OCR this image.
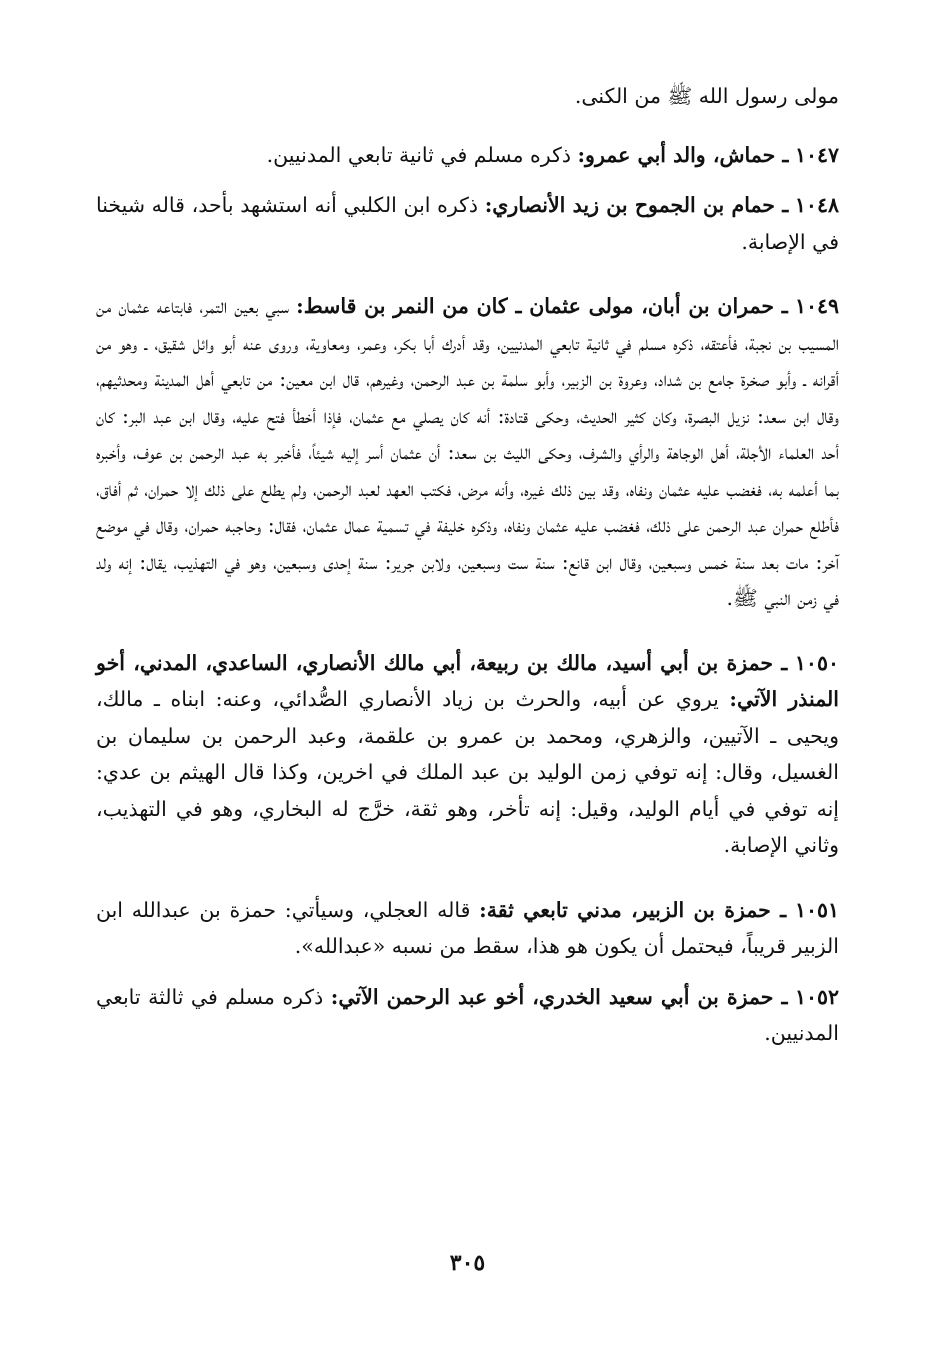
مولى رسول الله ﷺ من الكنى.

١٠٤٧ ـ حماش، والد أبي عمرو: ذكره مسلم في ثانية تابعي المدنيين.

١٠٤٨ ـ حمام بن الجموح بن زيد الأنصاري: ذكره ابن الكلبي أنه استشهد بأحد، قاله شيخنا في الإصابة.

١٠٤٩ ـ حمران بن أبان، مولى عثمان ـ كان من النمر بن قاسط: سبي بعين التمر، فابتاعه عثمان من المسيب بن نجبة، فأعتقه، ذكره مسلم في ثانية تابعي المدنيين، وقد أدرك أبا بكر، وعمر، ومعاوية، وروى عنه أبو وائل شقيق، ـ وهو من أقرانه ـ وأبو صخرة جامع بن شداد، وعروة بن الزبير، وأبو سلمة بن عبد الرحمن، وغيرهم، قال ابن معين: من تابعي أهل المدينة ومحدثيهم، وقال ابن سعد: نزيل البصرة، وكان كثير الحديث، وحكى قتادة: أنه كان يصلي مع عثمان، فإذا أخطأ فتح عليه، وقال ابن عبد البر: كان أحد العلماء الأجلة، أهل الوجاهة والرأي والشرف، وحكى الليث بن سعد: أن عثمان أسر إليه شيئاً، فأخبر به عبد الرحمن بن عوف، وأخبره بما أعلمه به، فغضب عليه عثمان ونفاه، وقد بين ذلك غيره، وأنه مرض، فكتب العهد لعبد الرحمن، ولم يطلع على ذلك إلا حمران، ثم أفاق، فأطلع حمران عبد الرحمن على ذلك، فغضب عليه عثمان ونفاه، وذكره خليفة في تسمية عمال عثمان، فقال: وحاجبه حمران، وقال في موضع آخر: مات بعد سنة خمس وسبعين، وقال ابن قانع: سنة ست وسبعين، ولابن جرير: سنة إحدى وسبعين، وهو في التهذيب، يقال: إنه ولد في زمن النبي ﷺ.

١٠٥٠ ـ حمزة بن أبي أسيد، مالك بن ربيعة، أبي مالك الأنصاري، الساعدي، المدني، أخو المنذر الآتي: يروي عن أبيه، والحرث بن زياد الأنصاري الصُّدائي، وعنه: ابناه ـ مالك، ويحيى ـ الآتيين، والزهري، ومحمد بن عمرو بن علقمة، وعبد الرحمن بن سليمان بن الغسيل، وقال: إنه توفي زمن الوليد بن عبد الملك في اخرين، وكذا قال الهيثم بن عدي: إنه توفي في أيام الوليد، وقيل: إنه تأخر، وهو ثقة، خرَّج له البخاري، وهو في التهذيب، وثاني الإصابة.

١٠٥١ ـ حمزة بن الزبير، مدني تابعي ثقة: قاله العجلي، وسيأتي: حمزة بن عبدالله ابن الزبير قريباً، فيحتمل أن يكون هو هذا، سقط من نسبه «عبدالله».

١٠٥٢ ـ حمزة بن أبي سعيد الخدري، أخو عبد الرحمن الآتي: ذكره مسلم في ثالثة تابعي المدنيين.

٣٠٥
